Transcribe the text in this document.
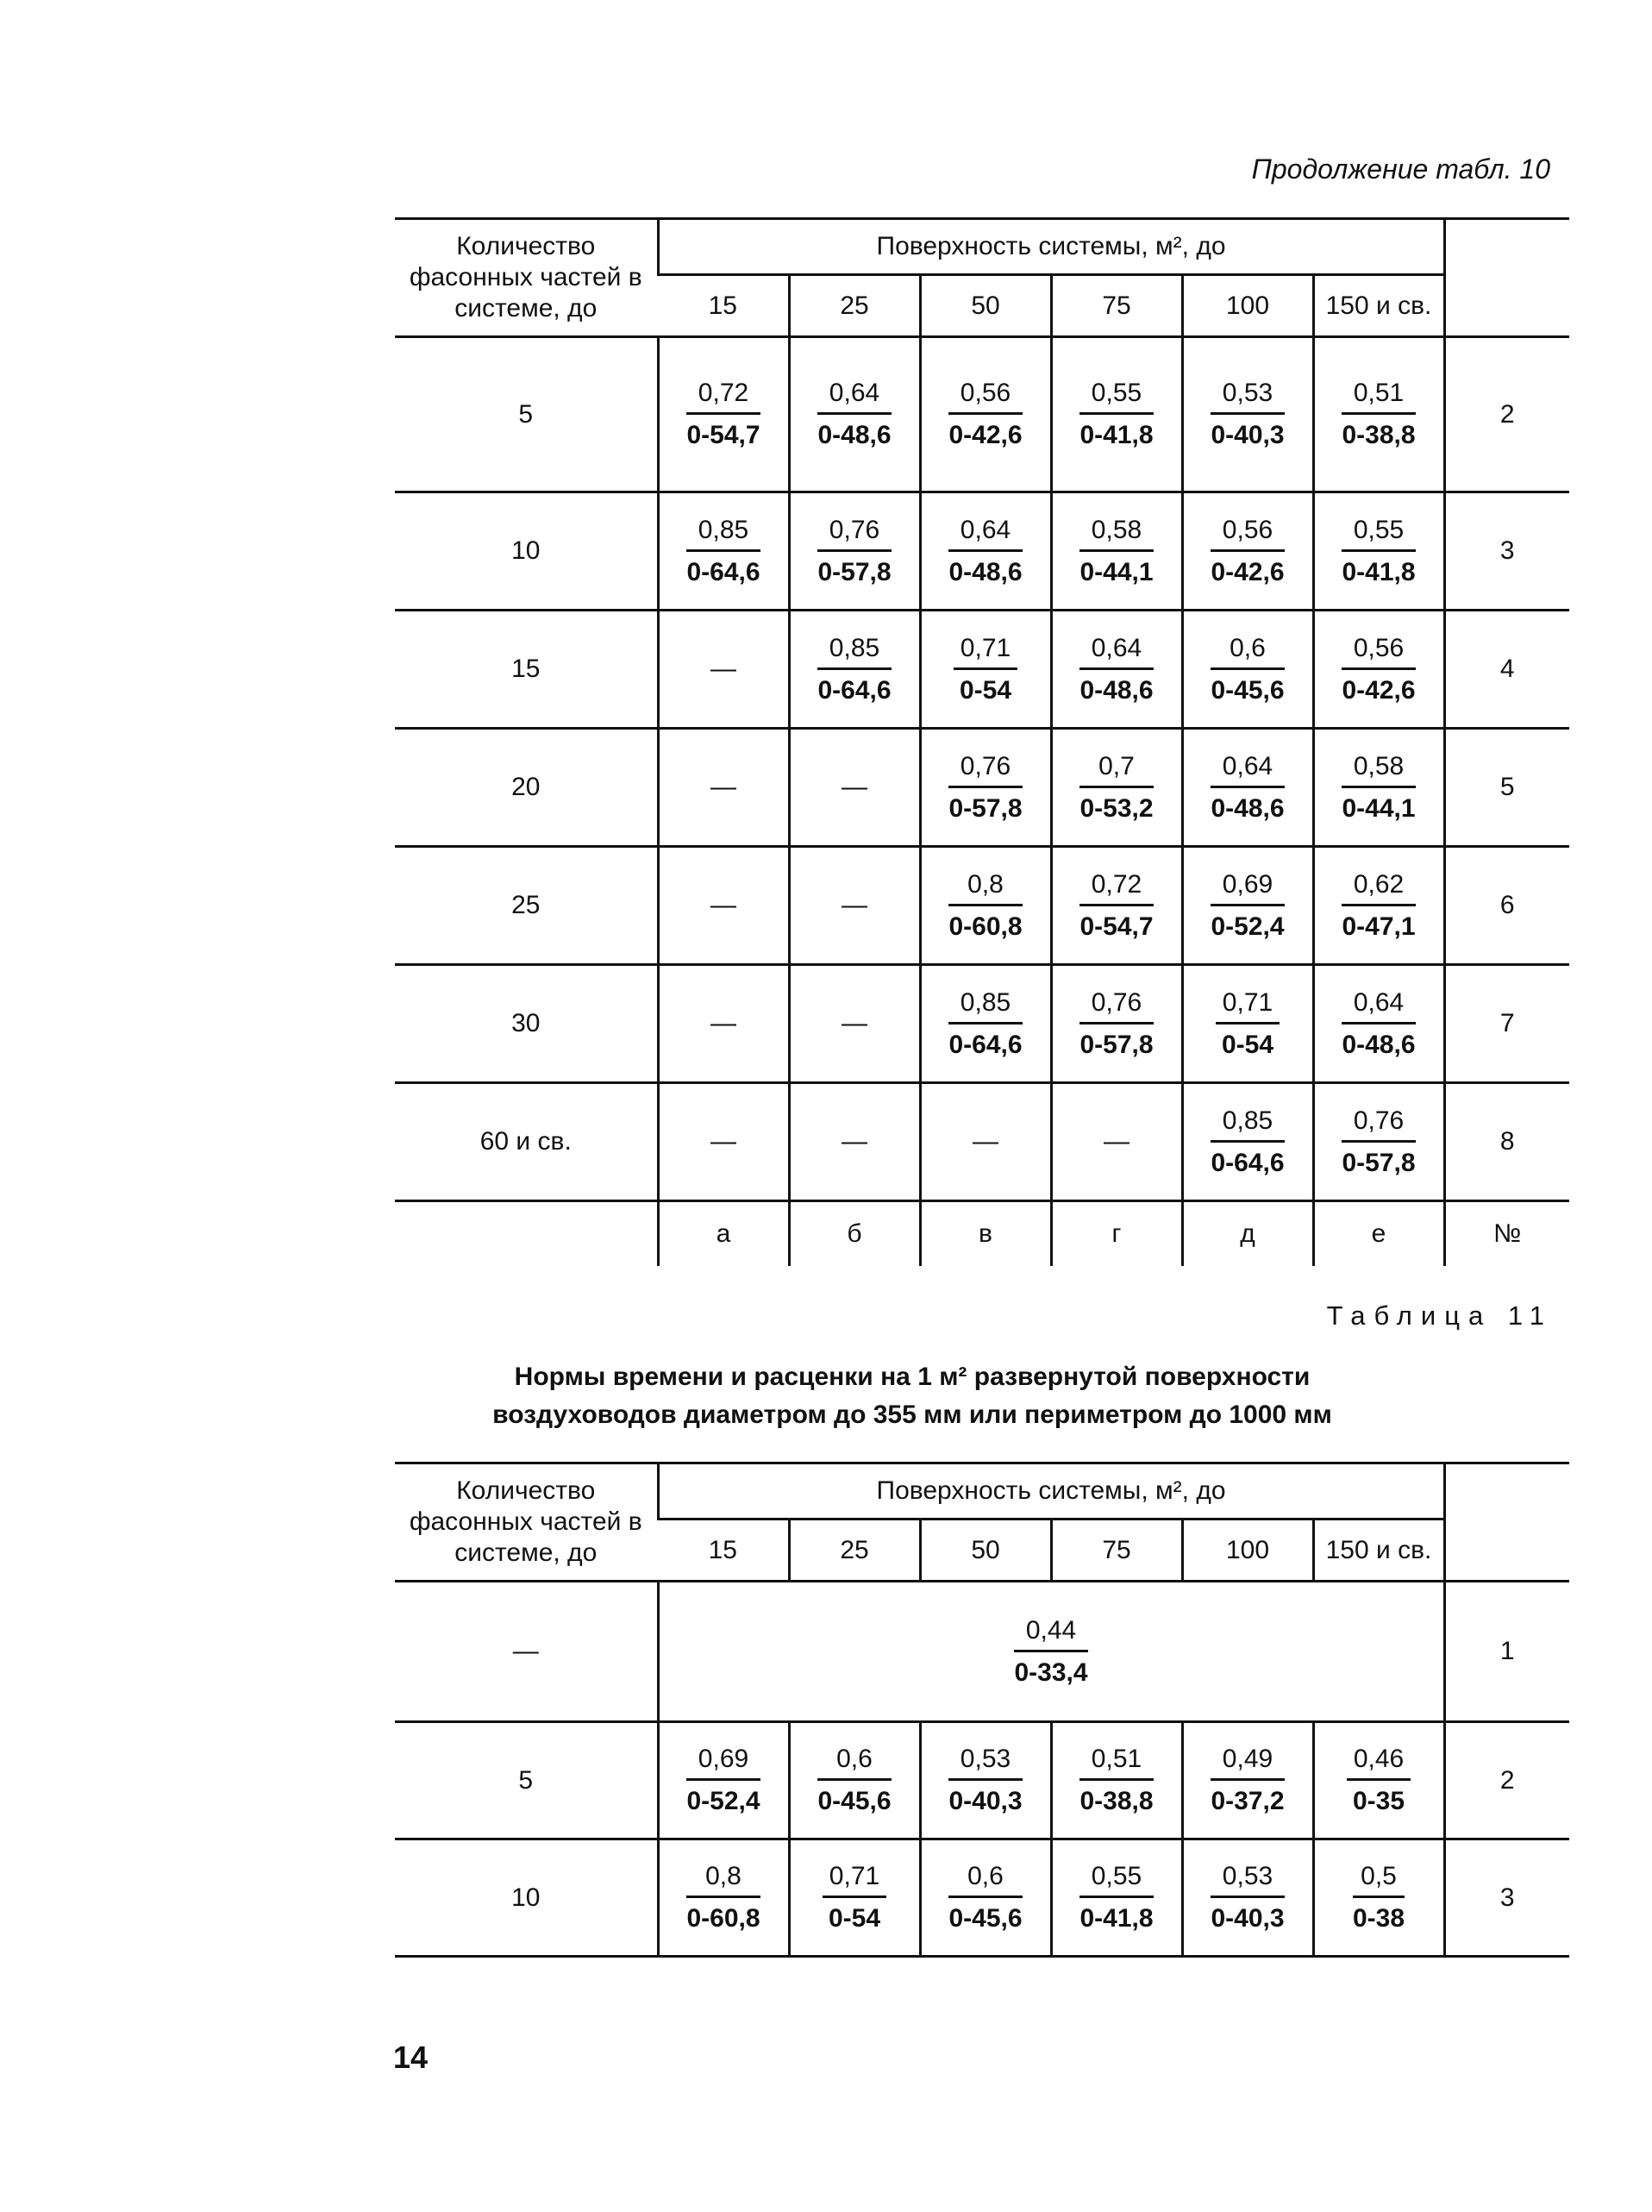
Продолжение табл. 10
Количество фасонных частей в системе, до	Поверхность системы, м², до						
	15	25	50	75	100	150 и св.	
5	$\frac{0,72}{0-54,7}$	$\frac{0,64}{0-48,6}$	$\frac{0,56}{0-42,6}$	$\frac{0,55}{0-41,8}$	$\frac{0,53}{0-40,3}$	$\frac{0,51}{0-38,8}$	2
10	$\frac{0,85}{0-64,6}$	$\frac{0,76}{0-57,8}$	$\frac{0,64}{0-48,6}$	$\frac{0,58}{0-44,1}$	$\frac{0,56}{0-42,6}$	$\frac{0,55}{0-41,8}$	3
15	—	$\frac{0,85}{0-64,6}$	$\frac{0,71}{0-54}$	$\frac{0,64}{0-48,6}$	$\frac{0,6}{0-45,6}$	$\frac{0,56}{0-42,6}$	4
20	—	—	$\frac{0,76}{0-57,8}$	$\frac{0,7}{0-53,2}$	$\frac{0,64}{0-48,6}$	$\frac{0,58}{0-44,1}$	5
25	—	—	$\frac{0,8}{0-60,8}$	$\frac{0,72}{0-54,7}$	$\frac{0,69}{0-52,4}$	$\frac{0,62}{0-47,1}$	6
30	—	—	$\frac{0,85}{0-64,6}$	$\frac{0,76}{0-57,8}$	$\frac{0,71}{0-54}$	$\frac{0,64}{0-48,6}$	7
60 и св.	—	—	—	—	$\frac{0,85}{0-64,6}$	$\frac{0,76}{0-57,8}$	8
	а	б	в	г	д	е	№
Таблица 11
Нормы времени и расценки на 1 м² развернутой поверхности
воздуховодов диаметром до 355 мм или периметром до 1000 мм
Количество фасонных частей в системе, до	Поверхность системы, м², до						
	15	25	50	75	100	150 и св.	
—	$\frac{0,44}{0-33,4}$						1
5	$\frac{0,69}{0-52,4}$	$\frac{0,6}{0-45,6}$	$\frac{0,53}{0-40,3}$	$\frac{0,51}{0-38,8}$	$\frac{0,49}{0-37,2}$	$\frac{0,46}{0-35}$	2
10	$\frac{0,8}{0-60,8}$	$\frac{0,71}{0-54}$	$\frac{0,6}{0-45,6}$	$\frac{0,55}{0-41,8}$	$\frac{0,53}{0-40,3}$	$\frac{0,5}{0-38}$	3
14
